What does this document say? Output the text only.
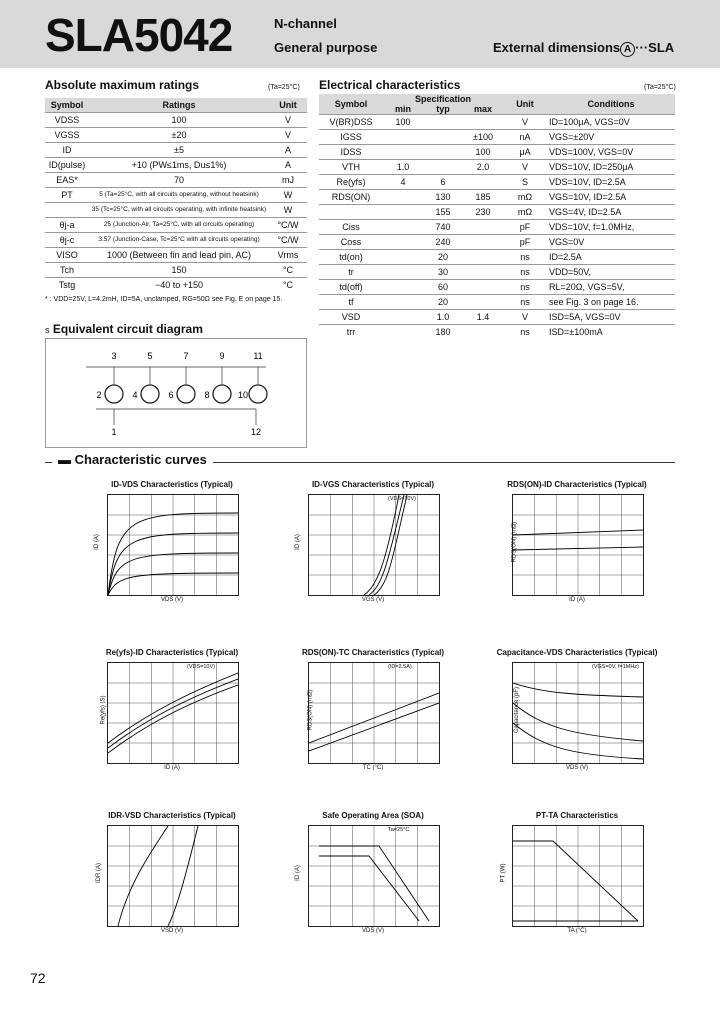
SLA5042	N-channel
General purpose	External dimensions A ···SLA
Absolute maximum ratings	(Ta=25°C)
Symbol	Ratings	Unit
VDSS	100	V
VGSS	±20	V
ID	±5	A
ID(pulse)	+10 (PW≤1ms, Du≤1%)	A
EAS*	70	mJ
PT	5 (Ta=25°C, with all circuits operating, without heatsink)	W
	35 (Tc=25°C, with all circuits operating, with infinite heatsink)	W
θj-a	25 (Junction-Air, Ta=25°C, with all circuits operating)	°C/W
θj-c	3.57 (Junction-Case, Tc=25°C with all circuits operating)	°C/W
VISO	1000 (Between fin and lead pin, AC)	Vrms
Tch	150	°C
Tstg	−40 to +150	°C
* : VDD=25V, L=4.2mH, ID=5A, unclamped, RG=50Ω see Fig. E on page 15.
Electrical characteristics	(Ta=25°C)
Symbol	Specification			Unit	Conditions
	min	typ	max		
V(BR)DSS	100			V	ID=100μA, VGS=0V
IGSS			±100	nA	VGS=±20V
IDSS			100	μA	VDS=100V, VGS=0V
VTH	1.0		2.0	V	VDS=10V, ID=250μA
Re(yfs)	4	6		S	VDS=10V, ID=2.5A
RDS(ON)		130	185	mΩ	VGS=10V, ID=2.5A
		155	230	mΩ	VGS=4V, ID=2.5A
Ciss		740		pF	VDS=10V, f=1.0MHz,
Coss		240		pF	VGS=0V
td(on)		20		ns	ID=2.5A
tr		30		ns	VDD=50V,
td(off)		60		ns	RL=20Ω, VGS=5V,
tf		20		ns	see Fig. 3 on page 16.
VSD		1.0	1.4	V	ISD=5A, VGS=0V
trr		180		ns	ISD=±100mA
s Equivalent circuit diagram
3
2
5
4
7
6
9
8
11
10
1	12
▬ Characteristic curves
ID-VDS Characteristics (Typical)
VDS (V)
ID (A)
ID-VGS Characteristics (Typical)
VGS (V)
ID (A)
(VDS=10V)
RDS(ON)-ID Characteristics (Typical)
ID (A)
RDS(ON) (mΩ)
Re(yfs)-ID Characteristics (Typical)
ID (A)
Re(yfs) (S)
(VDS=10V)
RDS(ON)-TC Characteristics (Typical)
TC (°C)
RDS(ON) (mΩ)
(ID=2.5A)
Capacitance-VDS Characteristics (Typical)
VDS (V)
Capacitance (pF)
(VGS=0V, f=1MHz)
IDR-VSD Characteristics (Typical)
VSD (V)
IDR (A)
Safe Operating Area (SOA)
VDS (V)
ID (A)
Ta=25°C
PT-TA Characteristics
TA (°C)
PT (W)
72
